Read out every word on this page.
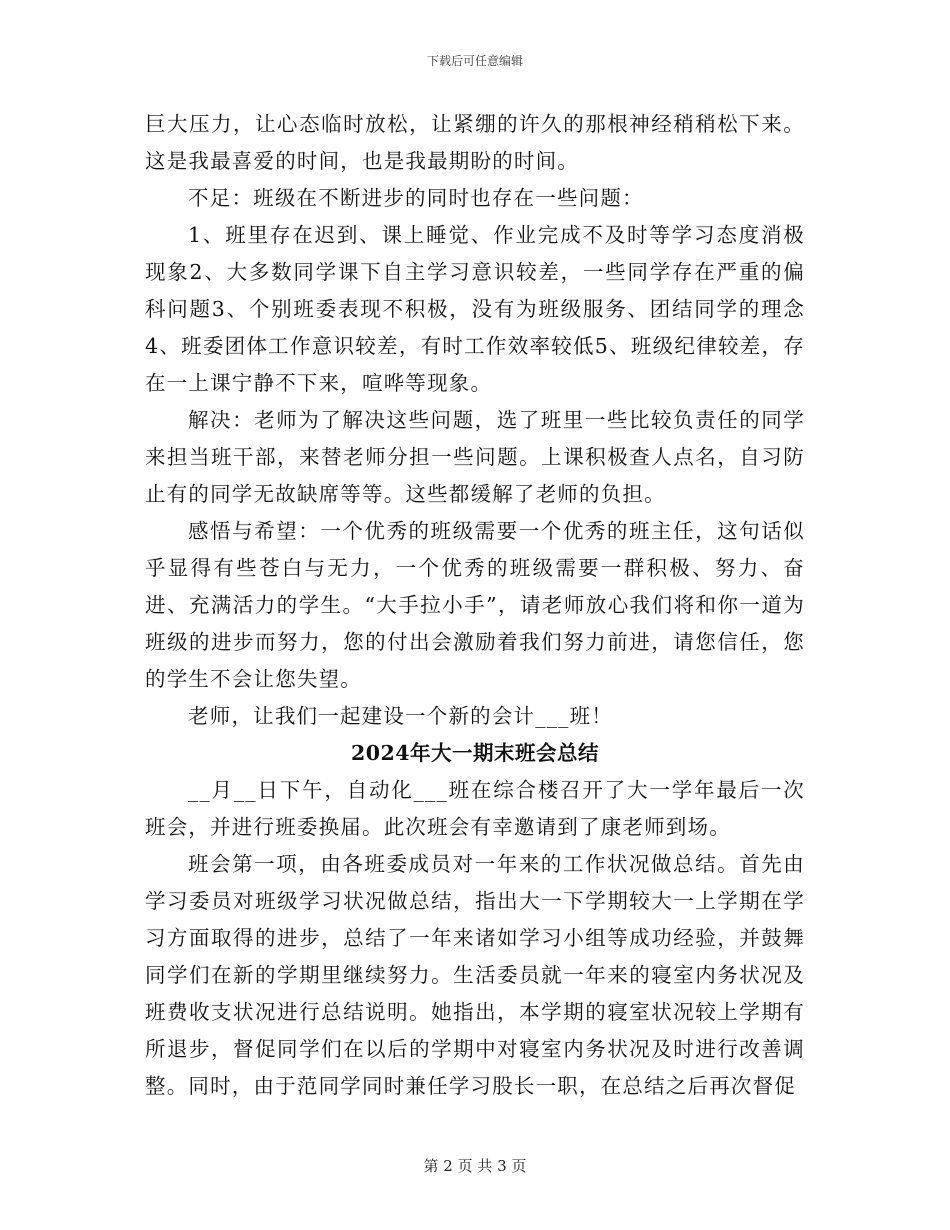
下载后可任意编辑

巨大压力，让心态临时放松，让紧绷的许久的那根神经稍稍松下来。这是我最喜爱的时间，也是我最期盼的时间。

不足：班级在不断进步的同时也存在一些问题：

1、班里存在迟到、课上睡觉、作业完成不及时等学习态度消极现象2、大多数同学课下自主学习意识较差，一些同学存在严重的偏科问题3、个别班委表现不积极，没有为班级服务、团结同学的理念4、班委团体工作意识较差，有时工作效率较低5、班级纪律较差，存在一上课宁静不下来，喧哗等现象。

解决：老师为了解决这些问题，选了班里一些比较负责任的同学来担当班干部，来替老师分担一些问题。上课积极查人点名，自习防止有的同学无故缺席等等。这些都缓解了老师的负担。

感悟与希望：一个优秀的班级需要一个优秀的班主任，这句话似乎显得有些苍白与无力，一个优秀的班级需要一群积极、努力、奋进、充满活力的学生。“大手拉小手”，请老师放心我们将和你一道为班级的进步而努力，您的付出会激励着我们努力前进，请您信任，您的学生不会让您失望。

老师，让我们一起建设一个新的会计___班！

2024年大一期末班会总结

__月__日下午，自动化___班在综合楼召开了大一学年最后一次班会，并进行班委换届。此次班会有幸邀请到了康老师到场。

班会第一项，由各班委成员对一年来的工作状况做总结。首先由学习委员对班级学习状况做总结，指出大一下学期较大一上学期在学习方面取得的进步，总结了一年来诸如学习小组等成功经验，并鼓舞同学们在新的学期里继续努力。生活委员就一年来的寝室内务状况及班费收支状况进行总结说明。她指出，本学期的寝室状况较上学期有所退步，督促同学们在以后的学期中对寝室内务状况及时进行改善调整。同时，由于范同学同时兼任学习股长一职，在总结之后再次督促

第 2 页 共 3 页
